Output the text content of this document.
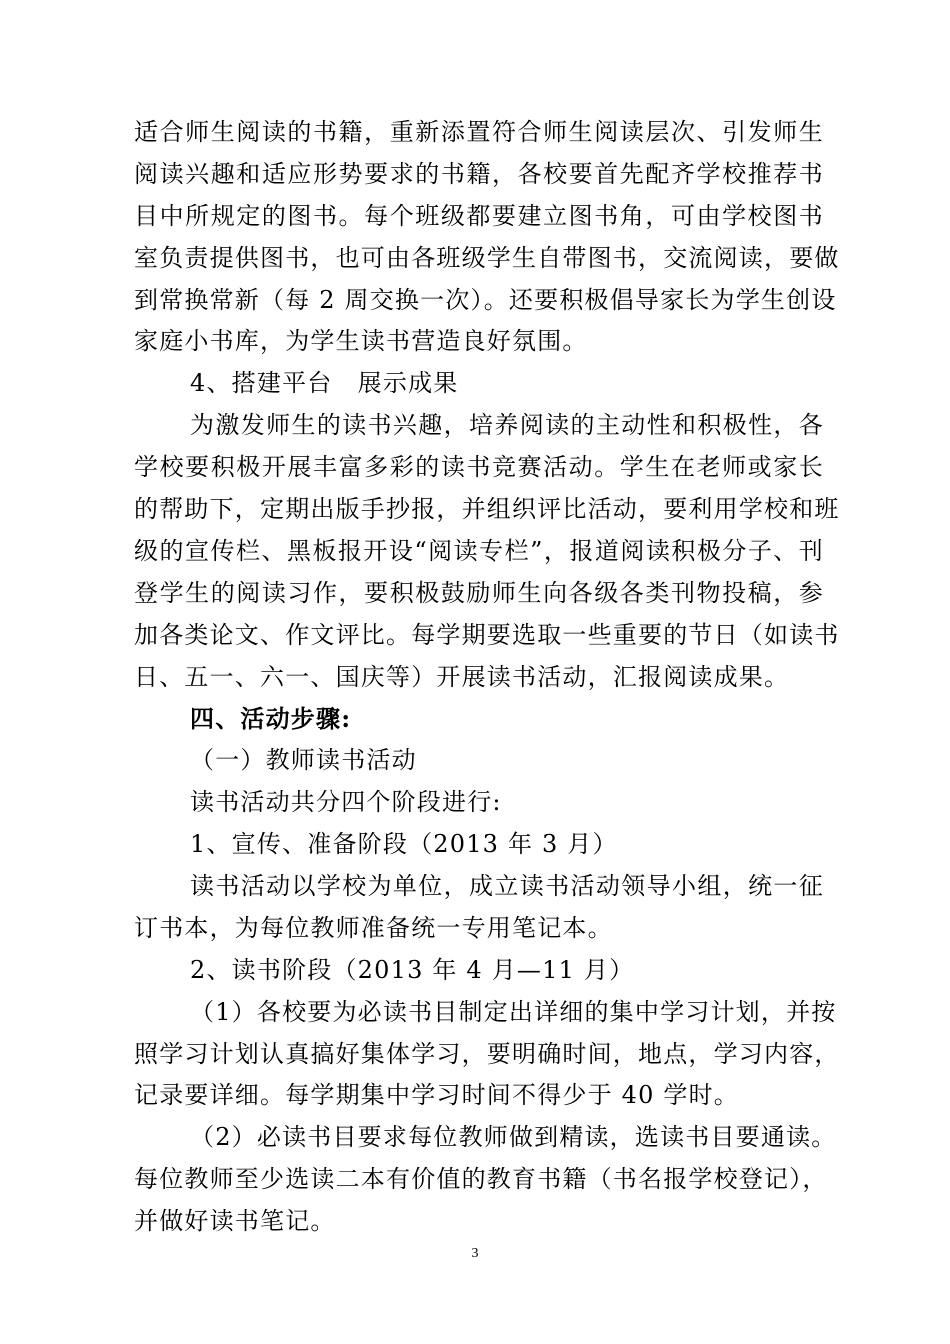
适合师生阅读的书籍，重新添置符合师生阅读层次、引发师生
阅读兴趣和适应形势要求的书籍，各校要首先配齐学校推荐书
目中所规定的图书。每个班级都要建立图书角，可由学校图书
室负责提供图书，也可由各班级学生自带图书，交流阅读，要做
到常换常新（每 2 周交换一次）。还要积极倡导家长为学生创设
家庭小书库，为学生读书营造良好氛围。
4、搭建平台　展示成果
为激发师生的读书兴趣，培养阅读的主动性和积极性，各
学校要积极开展丰富多彩的读书竞赛活动。学生在老师或家长
的帮助下，定期出版手抄报，并组织评比活动，要利用学校和班
级的宣传栏、黑板报开设“阅读专栏”，报道阅读积极分子、刊
登学生的阅读习作，要积极鼓励师生向各级各类刊物投稿，参
加各类论文、作文评比。每学期要选取一些重要的节日（如读书
日、五一、六一、国庆等）开展读书活动，汇报阅读成果。
四、活动步骤:
（一）教师读书活动
读书活动共分四个阶段进行:
1、宣传、准备阶段（2013 年 3 月）
读书活动以学校为单位，成立读书活动领导小组，统一征
订书本，为每位教师准备统一专用笔记本。
2、读书阶段（2013 年 4 月—11 月）
（1）各校要为必读书目制定出详细的集中学习计划，并按
照学习计划认真搞好集体学习，要明确时间，地点，学习内容，
记录要详细。每学期集中学习时间不得少于 40 学时。
（2）必读书目要求每位教师做到精读，选读书目要通读。
每位教师至少选读二本有价值的教育书籍（书名报学校登记），
并做好读书笔记。
3
